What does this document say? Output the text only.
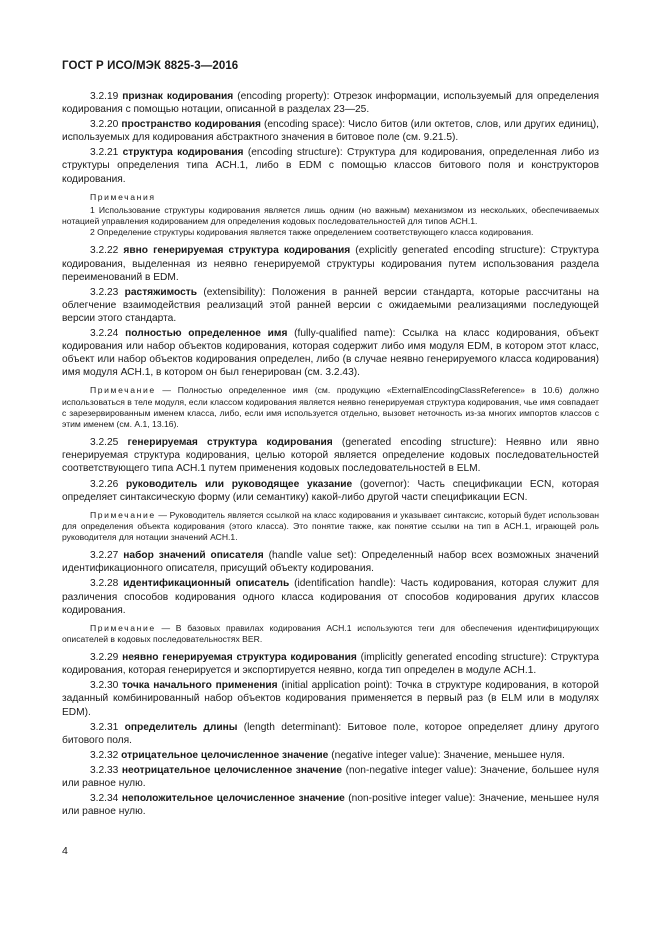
ГОСТ Р ИСО/МЭК 8825-3—2016

3.2.19 признак кодирования (encoding property): Отрезок информации, используемый для определения кодирования с помощью нотации, описанной в разделах 23—25.

3.2.20 пространство кодирования (encoding space): Число битов (или октетов, слов, или других единиц), используемых для кодирования абстрактного значения в битовое поле (см. 9.21.5).

3.2.21 структура кодирования (encoding structure): Структура для кодирования, определенная либо из структуры определения типа АСН.1, либо в EDM с помощью классов битового поля и конструкторов кодирования.

Примечания

1 Использование структуры кодирования является лишь одним (но важным) механизмом из нескольких, обеспечиваемых нотацией управления кодированием для определения кодовых последовательностей для типов АСН.1.

2 Определение структуры кодирования является также определением соответствующего класса кодирования.

3.2.22 явно генерируемая структура кодирования (explicitly generated encoding structure): Структура кодирования, выделенная из неявно генерируемой структуры кодирования путем использования раздела переименований в EDM.

3.2.23 растяжимость (extensibility): Положения в ранней версии стандарта, которые рассчитаны на облегчение взаимодействия реализаций этой ранней версии с ожидаемыми реализациями последующей версии этого стандарта.

3.2.24 полностью определенное имя (fully-qualified name): Ссылка на класс кодирования, объект кодирования или набор объектов кодирования, которая содержит либо имя модуля EDM, в котором этот класс, объект или набор объектов кодирования определен, либо (в случае неявно генерируемого класса кодирования) имя модуля АСН.1, в котором он был генерирован (см. 3.2.43).

Примечание — Полностью определенное имя (см. продукцию «ExternalEncodingClassReference» в 10.6) должно использоваться в теле модуля, если классом кодирования является неявно генерируемая структура кодирования, чье имя совпадает с зарезервированным именем класса, либо, если имя используется отдельно, вызовет неточность из-за многих импортов классов с этим именем (см. А.1, 13.16).

3.2.25 генерируемая структура кодирования (generated encoding structure): Неявно или явно генерируемая структура кодирования, целью которой является определение кодовых последовательностей соответствующего типа АСН.1 путем применения кодовых последовательностей в ELM.

3.2.26 руководитель или руководящее указание (governor): Часть спецификации ECN, которая определяет синтаксическую форму (или семантику) какой-либо другой части спецификации ECN.

Примечание — Руководитель является ссылкой на класс кодирования и указывает синтаксис, который будет использован для определения объекта кодирования (этого класса). Это понятие также, как понятие ссылки на тип в АСН.1, играющей роль руководителя для нотации значений АСН.1.

3.2.27 набор значений описателя (handle value set): Определенный набор всех возможных значений идентификационного описателя, присущий объекту кодирования.

3.2.28 идентификационный описатель (identification handle): Часть кодирования, которая служит для различения способов кодирования одного класса кодирования от способов кодирования других классов кодирования.

Примечание — В базовых правилах кодирования АСН.1 используются теги для обеспечения идентифицирующих описателей в кодовых последовательностях BER.

3.2.29 неявно генерируемая структура кодирования (implicitly generated encoding structure): Структура кодирования, которая генерируется и экспортируется неявно, когда тип определен в модуле АСН.1.

3.2.30 точка начального применения (initial application point): Точка в структуре кодирования, в которой заданный комбинированный набор объектов кодирования применяется в первый раз (в ELM или в модулях EDM).

3.2.31 определитель длины (length determinant): Битовое поле, которое определяет длину другого битового поля.

3.2.32 отрицательное целочисленное значение (negative integer value): Значение, меньшее нуля.

3.2.33 неотрицательное целочисленное значение (non-negative integer value): Значение, большее нуля или равное нулю.

3.2.34 неположительное целочисленное значение (non-positive integer value): Значение, меньшее нуля или равное нулю.

4
